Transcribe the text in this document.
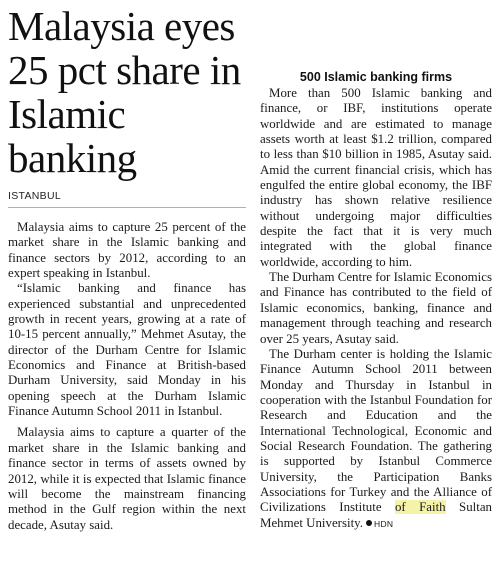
Malaysia eyes 25 pct share in Islamic banking
ISTANBUL

Malaysia aims to capture 25 percent of the market share in the Islamic banking and finance sectors by 2012, according to an expert speaking in Istanbul.

“Islamic banking and finance has experienced substantial and unprecedented growth in recent years, growing at a rate of 10-15 percent annually,” Mehmet Asutay, the director of the Durham Centre for Islamic Economics and Finance at British-based Durham University, said Monday in his opening speech at the Durham Islamic Finance Autumn School 2011 in Istanbul.

Malaysia aims to capture a quarter of the market share in the Islamic banking and finance sector in terms of assets owned by 2012, while it is expected that Islamic finance will become the mainstream financing method in the Gulf region within the next decade, Asutay said.

500 Islamic banking firms

More than 500 Islamic banking and finance, or IBF, institutions operate worldwide and are estimated to manage assets worth at least $1.2 trillion, compared to less than $10 billion in 1985, Asutay said. Amid the current financial crisis, which has engulfed the entire global economy, the IBF industry has shown relative resilience without undergoing major difficulties despite the fact that it is very much integrated with the global finance worldwide, according to him.

The Durham Centre for Islamic Economics and Finance has contributed to the field of Islamic economics, banking, finance and management through teaching and research over 25 years, Asutay said.

The Durham center is holding the Islamic Finance Autumn School 2011 between Monday and Thursday in Istanbul in cooperation with the Istanbul Foundation for Research and Education and the International Technological, Economic and Social Research Foundation. The gathering is supported by Istanbul Commerce University, the Participation Banks Associations for Turkey and the Alliance of Civilizations Institute of Faith Sultan Mehmet University. HDN
